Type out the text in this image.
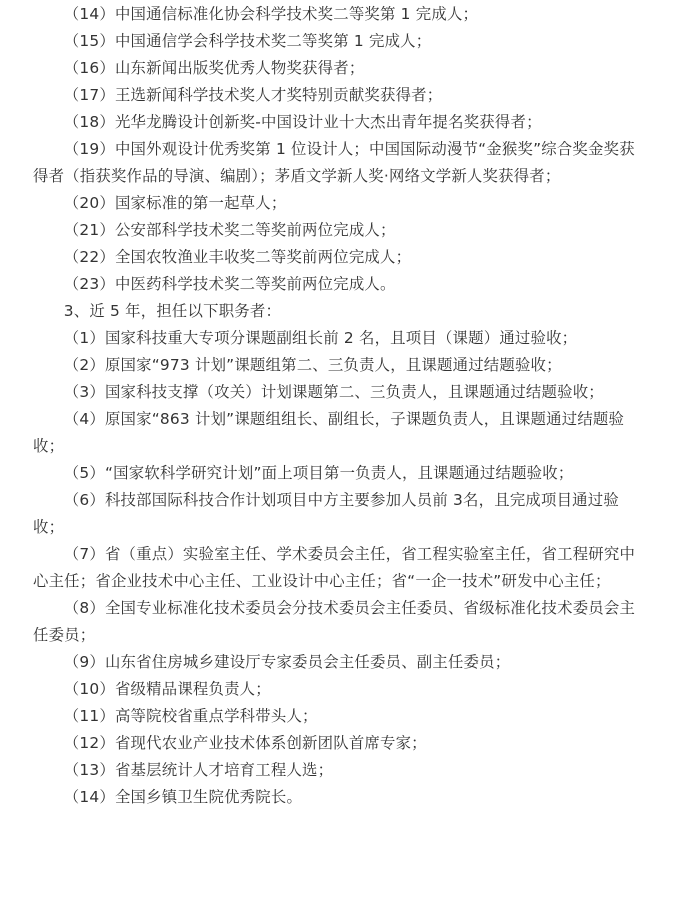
（14）中国通信标准化协会科学技术奖二等奖第 1 完成人；

（15）中国通信学会科学技术奖二等奖第 1 完成人；

（16）山东新闻出版奖优秀人物奖获得者；

（17）王选新闻科学技术奖人才奖特别贡献奖获得者；

（18）光华龙腾设计创新奖-中国设计业十大杰出青年提名奖获得者；

（19）中国外观设计优秀奖第 1 位设计人；中国国际动漫节“金猴奖”综合奖金奖获得者（指获奖作品的导演、编剧）；茅盾文学新人奖·网络文学新人奖获得者；

（20）国家标准的第一起草人；

（21）公安部科学技术奖二等奖前两位完成人；

（22）全国农牧渔业丰收奖二等奖前两位完成人；

（23）中医药科学技术奖二等奖前两位完成人。

3、近 5 年，担任以下职务者：

（1）国家科技重大专项分课题副组长前 2 名，且项目（课题）通过验收；

（2）原国家“973 计划”课题组第二、三负责人，且课题通过结题验收；

（3）国家科技支撑（攻关）计划课题第二、三负责人，且课题通过结题验收；

（4）原国家“863 计划”课题组组长、副组长，子课题负责人，且课题通过结题验收；

（5）“国家软科学研究计划”面上项目第一负责人，且课题通过结题验收；

（6）科技部国际科技合作计划项目中方主要参加人员前 3名，且完成项目通过验收；

（7）省（重点）实验室主任、学术委员会主任，省工程实验室主任，省工程研究中心主任；省企业技术中心主任、工业设计中心主任；省“一企一技术”研发中心主任；

（8）全国专业标准化技术委员会分技术委员会主任委员、省级标准化技术委员会主任委员；

（9）山东省住房城乡建设厅专家委员会主任委员、副主任委员；

（10）省级精品课程负责人；

（11）高等院校省重点学科带头人；

（12）省现代农业产业技术体系创新团队首席专家；

（13）省基层统计人才培育工程人选；

（14）全国乡镇卫生院优秀院长。
